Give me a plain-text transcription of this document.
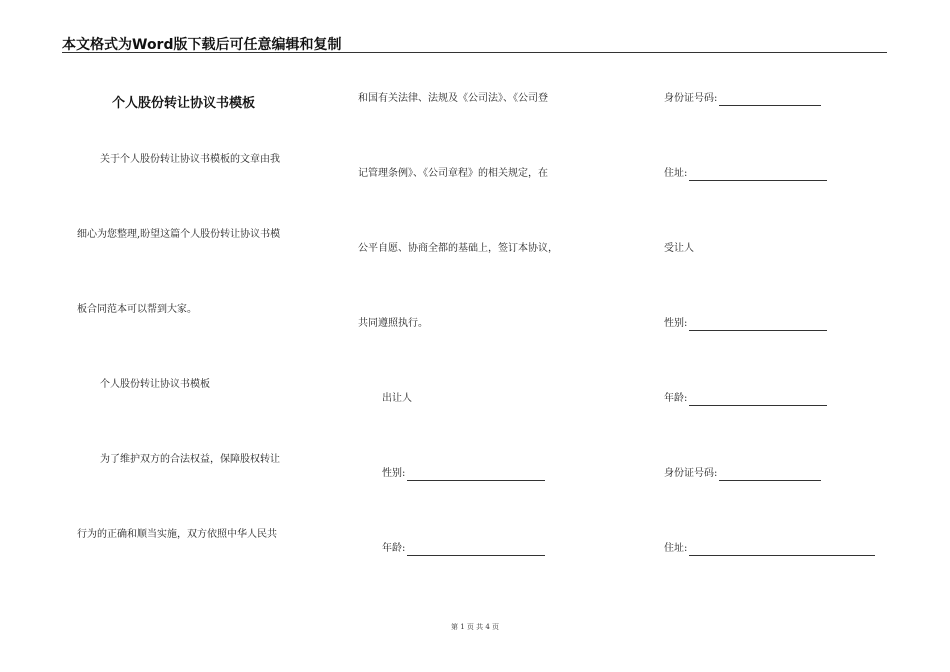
本文格式为Word版下载后可任意编辑和复制
个人股份转让协议书模板
关于个人股份转让协议书模板的文章由我
细心为您整理,盼望这篇个人股份转让协议书模
板合同范本可以帮到大家。
个人股份转让协议书模板
为了维护双方的合法权益，保障股权转让
行为的正确和顺当实施，双方依照中华人民共
和国有关法律、法规及《公司法》、《公司登
记管理条例》、《公司章程》的相关规定，在
公平自愿、协商全都的基础上，签订本协议，
共同遵照执行。
出让人
性别:
年龄:
身份证号码:
住址:
受让人
性别:
年龄:
身份证号码:
住址:
第 1 页 共 4 页
